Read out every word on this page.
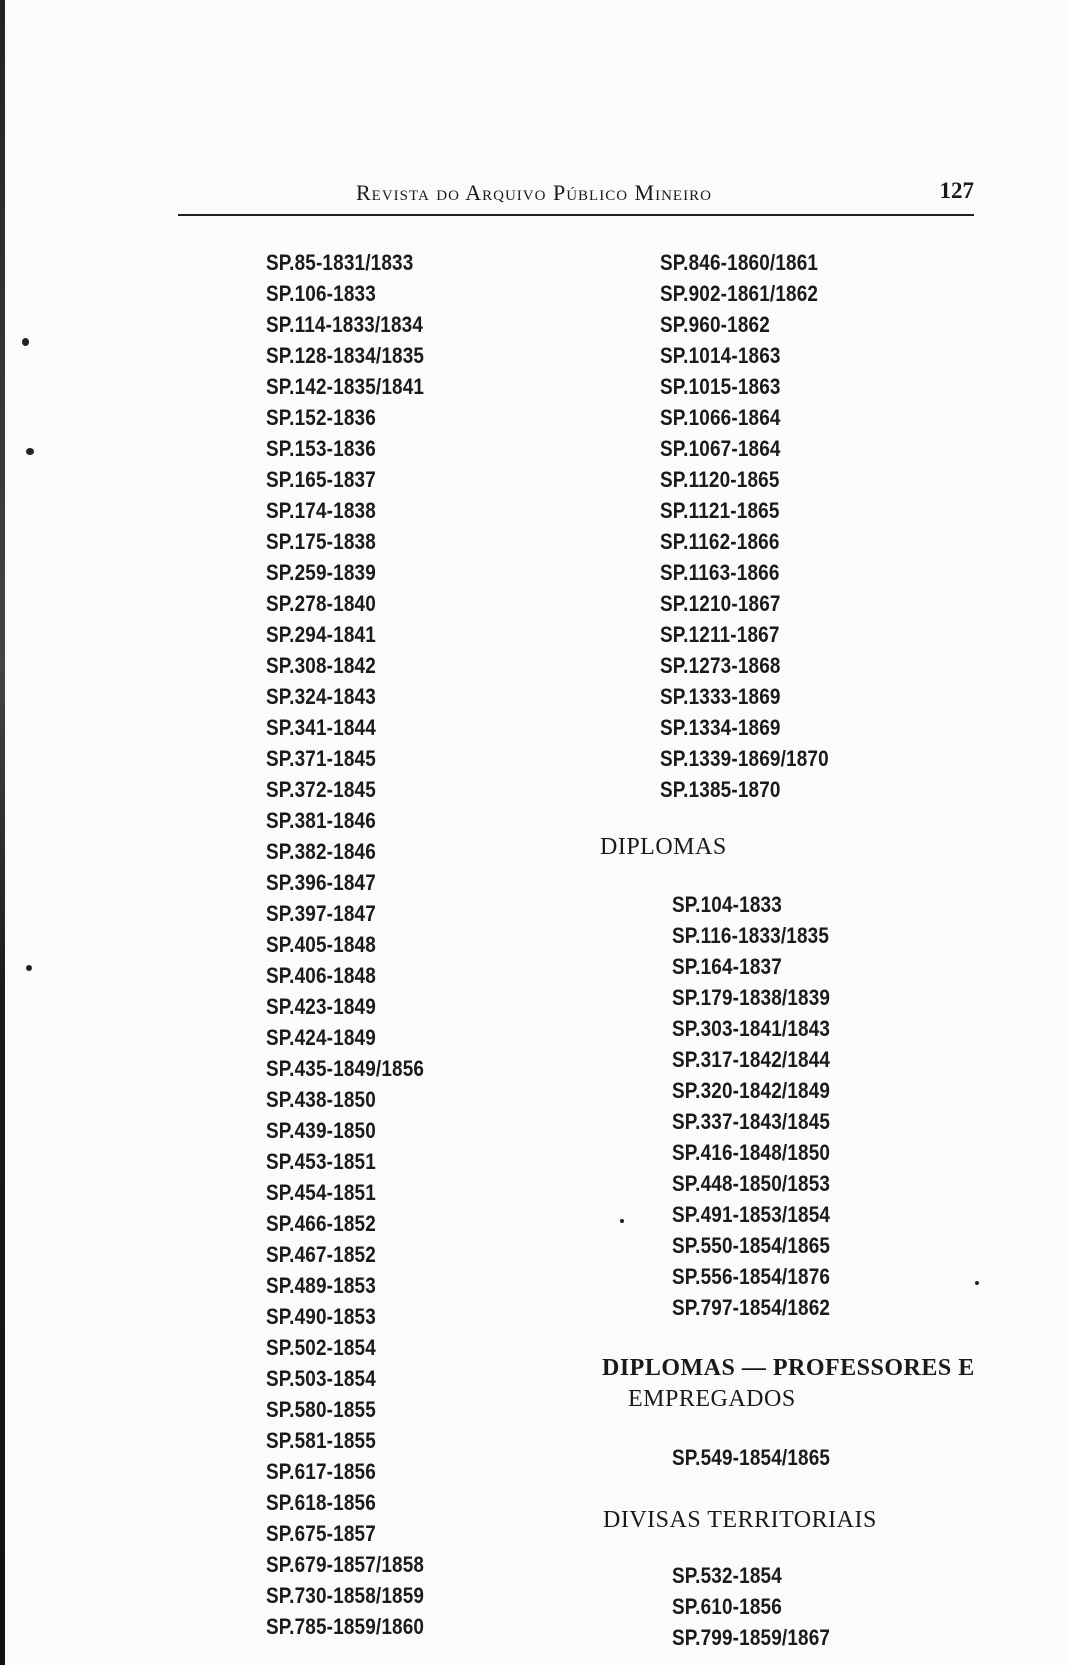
Revista do Arquivo Público Mineiro	127
SP.85-1831/1833
SP.106-1833
SP.114-1833/1834
SP.128-1834/1835
SP.142-1835/1841
SP.152-1836
SP.153-1836
SP.165-1837
SP.174-1838
SP.175-1838
SP.259-1839
SP.278-1840
SP.294-1841
SP.308-1842
SP.324-1843
SP.341-1844
SP.371-1845
SP.372-1845
SP.381-1846
SP.382-1846
SP.396-1847
SP.397-1847
SP.405-1848
SP.406-1848
SP.423-1849
SP.424-1849
SP.435-1849/1856
SP.438-1850
SP.439-1850
SP.453-1851
SP.454-1851
SP.466-1852
SP.467-1852
SP.489-1853
SP.490-1853
SP.502-1854
SP.503-1854
SP.580-1855
SP.581-1855
SP.617-1856
SP.618-1856
SP.675-1857
SP.679-1857/1858
SP.730-1858/1859
SP.785-1859/1860
SP.846-1860/1861
SP.902-1861/1862
SP.960-1862
SP.1014-1863
SP.1015-1863
SP.1066-1864
SP.1067-1864
SP.1120-1865
SP.1121-1865
SP.1162-1866
SP.1163-1866
SP.1210-1867
SP.1211-1867
SP.1273-1868
SP.1333-1869
SP.1334-1869
SP.1339-1869/1870
SP.1385-1870
DIPLOMAS
SP.104-1833
SP.116-1833/1835
SP.164-1837
SP.179-1838/1839
SP.303-1841/1843
SP.317-1842/1844
SP.320-1842/1849
SP.337-1843/1845
SP.416-1848/1850
SP.448-1850/1853
SP.491-1853/1854
SP.550-1854/1865
SP.556-1854/1876
SP.797-1854/1862
DIPLOMAS — PROFESSORES E
EMPREGADOS
SP.549-1854/1865
DIVISAS TERRITORIAIS
SP.532-1854
SP.610-1856
SP.799-1859/1867
